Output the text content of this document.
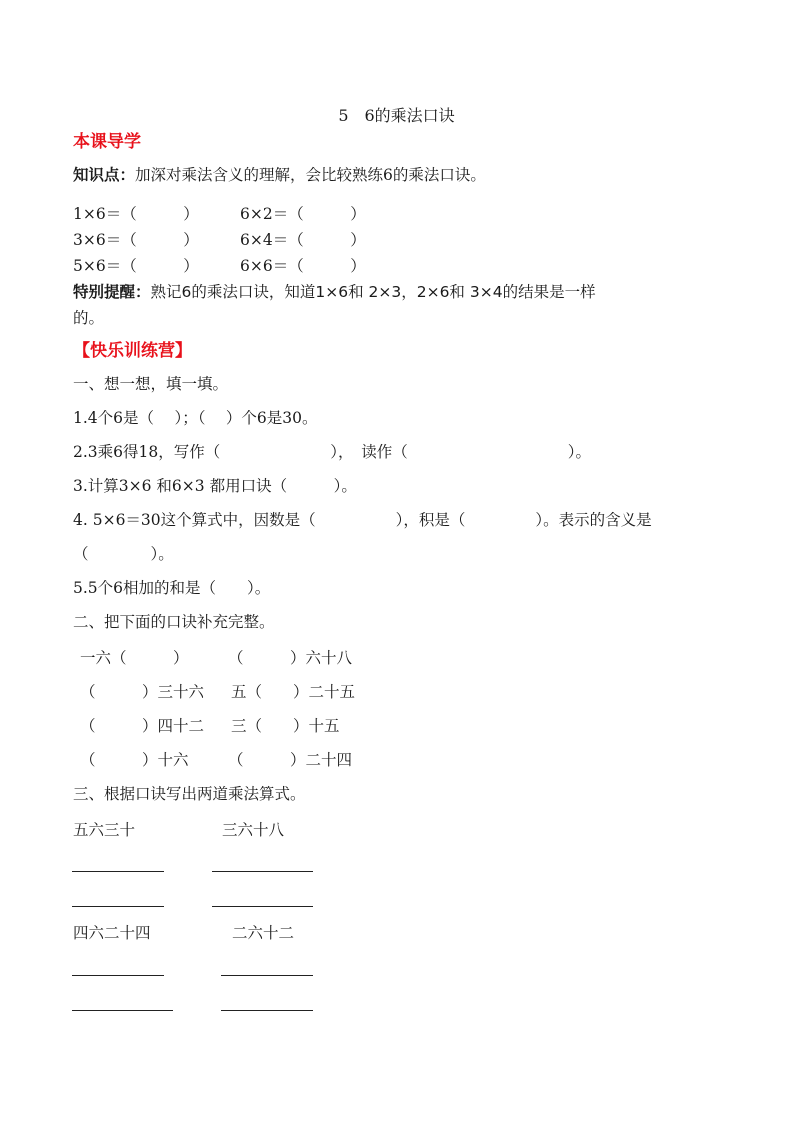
5　6的乘法口诀
本课导学
知识点：加深对乘法含义的理解，会比较熟练6的乘法口诀。
1×6＝（　　　）	6×2＝（　　　）
3×6＝（　　　）	6×4＝（　　　）
5×6＝（　　　）	6×6＝（　　　）
特别提醒：熟记6的乘法口诀，知道1×6和 2×3，2×6和 3×4的结果是一样
的。
【快乐训练营】
一、想一想，填一填。
1.4个6是（　 ）；（　 ）个6是30。
2.3乘6得18，写作（	），　读作（	）。
3.计算3×6 和6×3 都用口诀（　　　）。
4. 5×6＝30这个算式中，因数是（	），积是（	）。表示的含义是
（　　　　）。
5.5个6相加的和是（　　）。
二、把下面的口诀补充完整。
一六（　　　）	（　　　）六十八
（　　　）三十六 五（　　）二十五
（　　　）四十二 三（　　）十五
（　　　）十六	（　　　）二十四
三、根据口诀写出两道乘法算式。
五六三十	三六十八
四六二十四	二六十二
